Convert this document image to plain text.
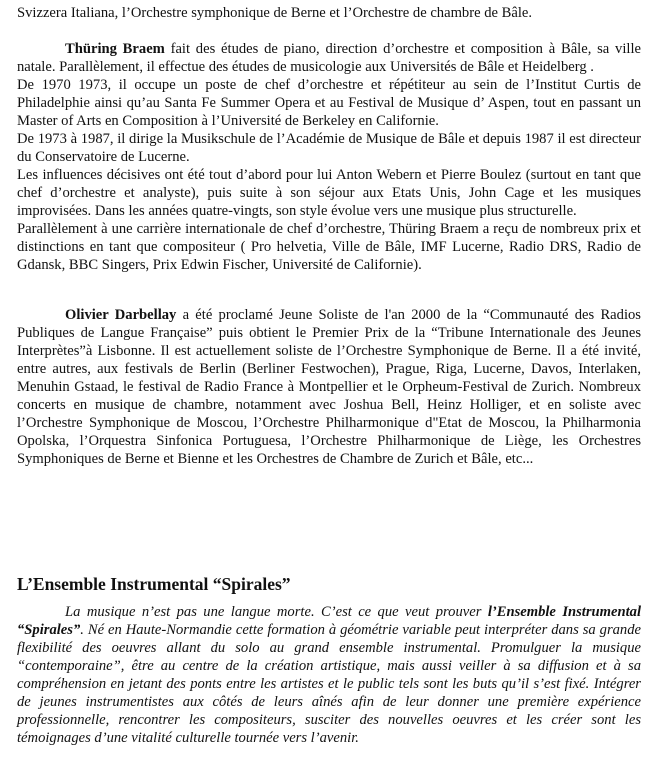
Svizzera Italiana, l’Orchestre symphonique de Berne et l’Orchestre de chambre de Bâle.

Thüring Braem fait des études de piano, direction d’orchestre et composition à Bâle, sa ville natale. Parallèlement, il effectue des études de musicologie aux Universités de Bâle et Heidelberg .

De 1970 1973, il occupe un poste de chef d’orchestre et répétiteur au sein de l’Institut Curtis de Philadelphie ainsi qu’au Santa Fe Summer Opera et au Festival de Musique d’ Aspen, tout en passant un Master of Arts en Composition à l’Université de Berkeley en Californie.

De 1973 à 1987, il dirige la Musikschule de l’Académie de Musique de Bâle et depuis 1987 il est directeur du Conservatoire de Lucerne.

Les influences décisives ont été tout d’abord pour lui Anton Webern et Pierre Boulez (surtout en tant que chef d’orchestre et analyste), puis suite à son séjour aux Etats Unis, John Cage et les musiques improvisées. Dans les années quatre-vingts, son style évolue vers une musique plus structurelle.

Parallèlement à une carrière internationale de chef d’orchestre, Thüring Braem a reçu de nombreux prix et distinctions en tant que compositeur ( Pro helvetia, Ville de Bâle, IMF Lucerne, Radio DRS, Radio de Gdansk, BBC Singers, Prix Edwin Fischer, Université de Californie).

Olivier Darbellay a été proclamé Jeune Soliste de l'an 2000 de la “Communauté des Radios Publiques de Langue Française” puis obtient le Premier Prix de la “Tribune Internationale des Jeunes Interprètes”à Lisbonne. Il est actuellement soliste de l’Orchestre Symphonique de Berne. Il a été invité, entre autres, aux festivals de Berlin (Berliner Festwochen), Prague, Riga, Lucerne, Davos, Interlaken, Menuhin Gstaad, le festival de Radio France à Montpellier et le Orpheum-Festival de Zurich. Nombreux concerts en musique de chambre, notamment avec Joshua Bell, Heinz Holliger, et en soliste avec l’Orchestre Symphonique de Moscou, l’Orchestre Philharmonique d"Etat de Moscou, la Philharmonia Opolska, l’Orquestra Sinfonica Portuguesa, l’Orchestre Philharmonique de Liège, les Orchestres Symphoniques de Berne et Bienne et les Orchestres de Chambre de Zurich et Bâle, etc...

L’Ensemble Instrumental “Spirales”

La musique n’est pas une langue morte. C’est ce que veut prouver l’Ensemble Instrumental “Spirales”. Né en Haute-Normandie cette formation à géométrie variable peut interpréter dans sa grande flexibilité des oeuvres allant du solo au grand ensemble instrumental. Promulguer la musique “contemporaine”, être au centre de la création artistique, mais aussi veiller à sa diffusion et à sa compréhension en jetant des ponts entre les artistes et le public tels sont les buts qu’il s’est fixé. Intégrer de jeunes instrumentistes aux côtés de leurs aînés afin de leur donner une première expérience professionnelle, rencontrer les compositeurs, susciter des nouvelles oeuvres et les créer sont les témoignages d’une vitalité culturelle tournée vers l’avenir.
